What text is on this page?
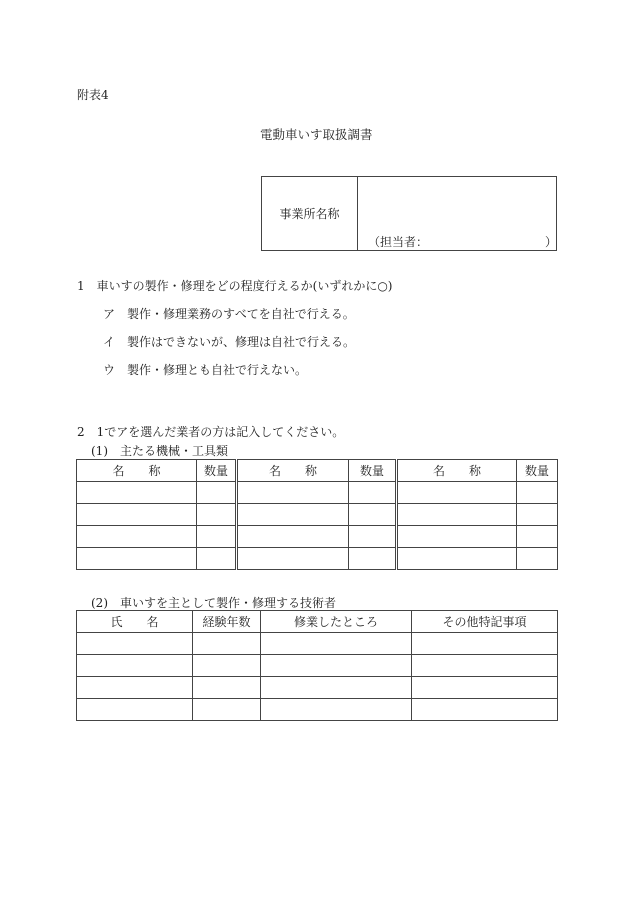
附表4
電動車いす取扱調書
事業所名称
（担当者：	）
1　車いすの製作・修理をどの程度行えるか(いずれかに○)
ア　製作・修理業務のすべてを自社で行える。
イ　製作はできないが、修理は自社で行える。
ウ　製作・修理とも自社で行えない。
2　1でアを選んだ業者の方は記入してください。
(1)　主たる機械・工具類
名　　称	数量	名　　称	数量	名　　称	数量

(2)　車いすを主として製作・修理する技術者
氏　　名	経験年数	修業したところ	その他特記事項
